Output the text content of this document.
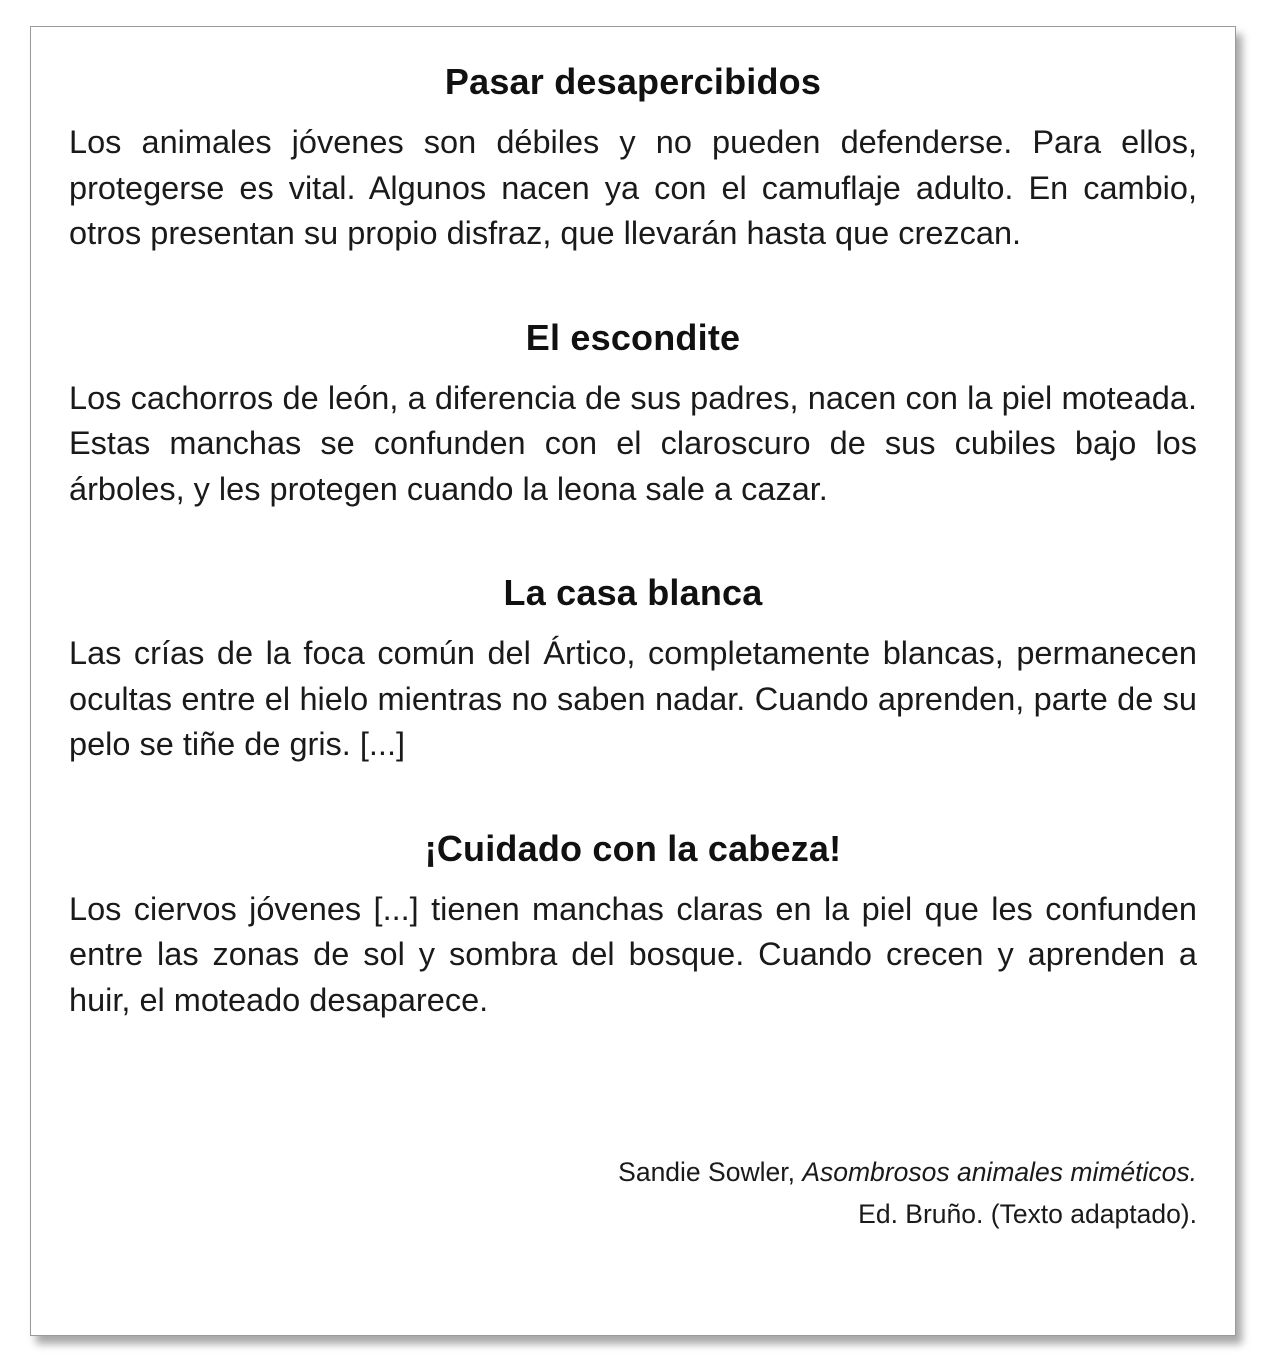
Pasar desapercibidos

Los animales jóvenes son débiles y no pueden defenderse. Para ellos, protegerse es vital. Algunos nacen ya con el camuflaje adulto. En cambio, otros presentan su propio disfraz, que llevarán hasta que crezcan.

El escondite

Los cachorros de león, a diferencia de sus padres, nacen con la piel moteada. Estas manchas se confunden con el claroscuro de sus cubiles bajo los árboles, y les protegen cuando la leona sale a cazar.

La casa blanca

Las crías de la foca común del Ártico, completamente blancas, permanecen ocultas entre el hielo mientras no saben nadar. Cuando aprenden, parte de su pelo se tiñe de gris. [...]

¡Cuidado con la cabeza!

Los ciervos jóvenes [...] tienen manchas claras en la piel que les confunden entre las zonas de sol y sombra del bosque. Cuando crecen y aprenden a huir, el moteado desaparece.

Sandie Sowler, Asombrosos animales miméticos.
Ed. Bruño. (Texto adaptado).
